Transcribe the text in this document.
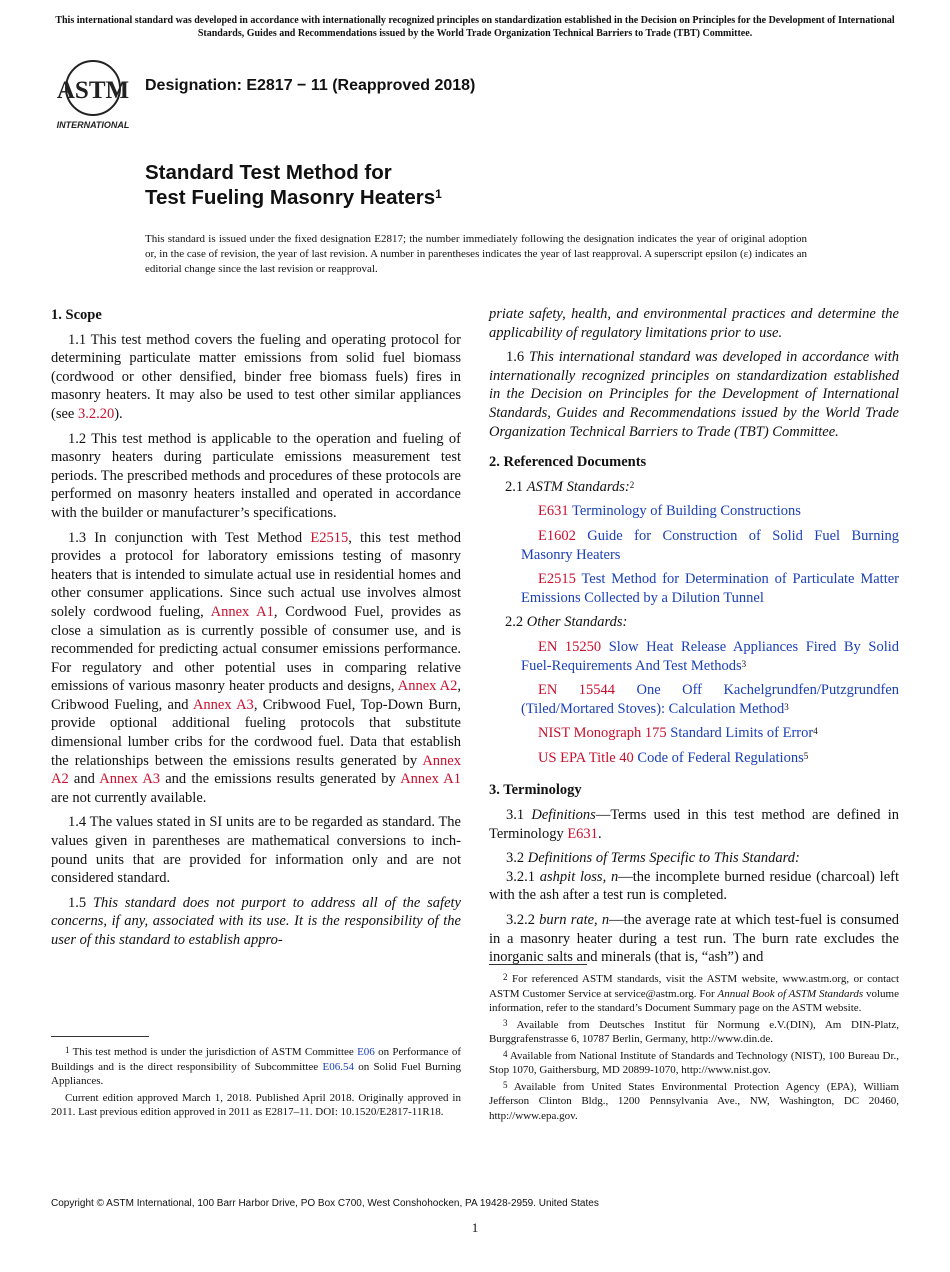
This international standard was developed in accordance with internationally recognized principles on standardization established in the Decision on Principles for the Development of International Standards, Guides and Recommendations issued by the World Trade Organization Technical Barriers to Trade (TBT) Committee.
ASTM
INTERNATIONAL
Designation: E2817 − 11 (Reapproved 2018)
Standard Test Method for
Test Fueling Masonry Heaters$^1$
This standard is issued under the fixed designation E2817; the number immediately following the designation indicates the year of original adoption or, in the case of revision, the year of last revision. A number in parentheses indicates the year of last reapproval. A superscript epsilon (ε) indicates an editorial change since the last revision or reapproval.
1. Scope

1.1 This test method covers the fueling and operating protocol for determining particulate matter emissions from solid fuel biomass (cordwood or other densified, binder free biomass fuels) fires in masonry heaters. It may also be used to test other similar appliances (see 3.2.20).

1.2 This test method is applicable to the operation and fueling of masonry heaters during particulate emissions measurement test periods. The prescribed methods and procedures of these protocols are performed on masonry heaters installed and operated in accordance with the builder or manufacturer’s specifications.

1.3 In conjunction with Test Method E2515, this test method provides a protocol for laboratory emissions testing of masonry heaters that is intended to simulate actual use in residential homes and other consumer applications. Since such actual use involves almost solely cordwood fueling, Annex A1, Cordwood Fuel, provides as close a simulation as is currently possible of consumer use, and is recommended for predicting actual consumer emissions performance. For regulatory and other potential uses in comparing relative emissions of various masonry heater products and designs, Annex A2, Cribwood Fueling, and Annex A3, Cribwood Fuel, Top-Down Burn, provide optional additional fueling protocols that substitute dimensional lumber cribs for the cordwood fuel. Data that establish the relationships between the emissions results generated by Annex A2 and Annex A3 and the emissions results generated by Annex A1 are not currently available.

1.4 The values stated in SI units are to be regarded as standard. The values given in parentheses are mathematical conversions to inch-pound units that are provided for information only and are not considered standard.

1.5 This standard does not purport to address all of the safety concerns, if any, associated with its use. It is the responsibility of the user of this standard to establish appro-

priate safety, health, and environmental practices and determine the applicability of regulatory limitations prior to use.

1.6 This international standard was developed in accordance with internationally recognized principles on standardization established in the Decision on Principles for the Development of International Standards, Guides and Recommendations issued by the World Trade Organization Technical Barriers to Trade (TBT) Committee.

2. Referenced Documents

2.1 ASTM Standards:$^2$

E631 Terminology of Building Constructions

E1602 Guide for Construction of Solid Fuel Burning Masonry Heaters

E2515 Test Method for Determination of Particulate Matter Emissions Collected by a Dilution Tunnel

2.2 Other Standards:

EN 15250 Slow Heat Release Appliances Fired By Solid Fuel-Requirements And Test Methods$^3$

EN 15544 One Off Kachelgrundfen/Putzgrundfen (Tiled/Mortared Stoves): Calculation Method$^3$

NIST Monograph 175 Standard Limits of Error$^4$

US EPA Title 40 Code of Federal Regulations$^5$

3. Terminology

3.1 Definitions—Terms used in this test method are defined in Terminology E631.

3.2 Definitions of Terms Specific to This Standard:

3.2.1 ashpit loss, n—the incomplete burned residue (charcoal) left with the ash after a test run is completed.

3.2.2 burn rate, n—the average rate at which test-fuel is consumed in a masonry heater during a test run. The burn rate excludes the inorganic salts and minerals (that is, “ash”) and

$^1$ This test method is under the jurisdiction of ASTM Committee E06 on Performance of Buildings and is the direct responsibility of Subcommittee E06.54 on Solid Fuel Burning Appliances.

Current edition approved March 1, 2018. Published April 2018. Originally approved in 2011. Last previous edition approved in 2011 as E2817–11. DOI: 10.1520/E2817-11R18.

$^2$ For referenced ASTM standards, visit the ASTM website, www.astm.org, or contact ASTM Customer Service at service@astm.org. For Annual Book of ASTM Standards volume information, refer to the standard’s Document Summary page on the ASTM website.

$^3$ Available from Deutsches Institut für Normung e.V.(DIN), Am DIN-Platz, Burggrafenstrasse 6, 10787 Berlin, Germany, http://www.din.de.

$^4$ Available from National Institute of Standards and Technology (NIST), 100 Bureau Dr., Stop 1070, Gaithersburg, MD 20899-1070, http://www.nist.gov.

$^5$ Available from United States Environmental Protection Agency (EPA), William Jefferson Clinton Bldg., 1200 Pennsylvania Ave., NW, Washington, DC 20460, http://www.epa.gov.

Copyright © ASTM International, 100 Barr Harbor Drive, PO Box C700, West Conshohocken, PA 19428-2959. United States
1
